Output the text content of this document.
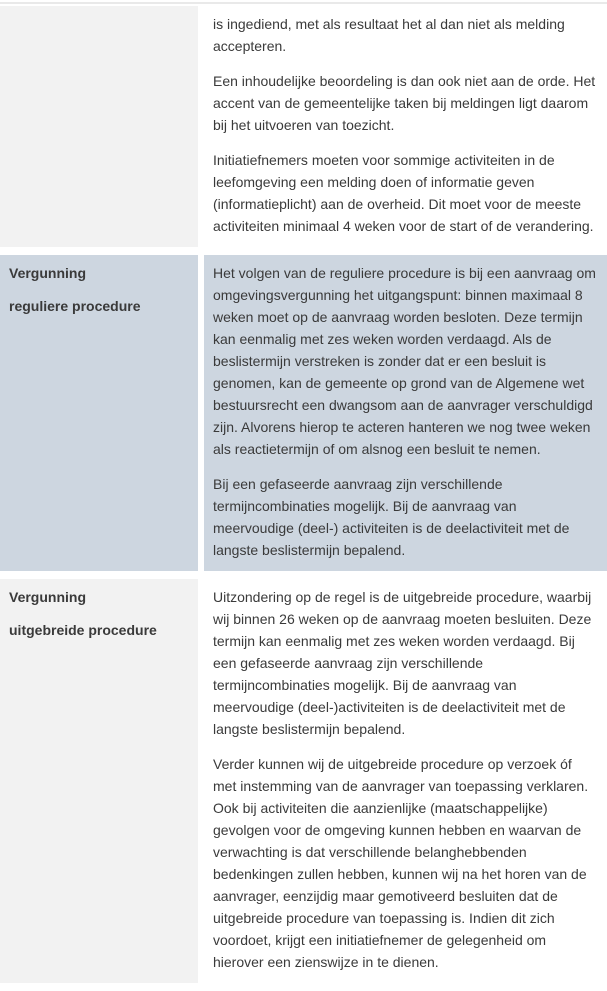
is ingediend, met als resultaat het al dan niet als melding accepteren.

Een inhoudelijke beoordeling is dan ook niet aan de orde. Het accent van de gemeentelijke taken bij meldingen ligt daarom bij het uitvoeren van toezicht.

Initiatiefnemers moeten voor sommige activiteiten in de leefomgeving een melding doen of informatie geven (informatieplicht) aan de overheid. Dit moet voor de meeste activiteiten minimaal 4 weken voor de start of de verandering.

Vergunning
reguliere procedure

Het volgen van de reguliere procedure is bij een aanvraag om omgevingsvergunning het uitgangspunt: binnen maximaal 8 weken moet op de aanvraag worden besloten. Deze termijn kan eenmalig met zes weken worden verdaagd. Als de beslistermijn verstreken is zonder dat er een besluit is genomen, kan de gemeente op grond van de Algemene wet bestuursrecht een dwangsom aan de aanvrager verschuldigd zijn. Alvorens hierop te acteren hanteren we nog twee weken als reactietermijn of om alsnog een besluit te nemen.

Bij een gefaseerde aanvraag zijn verschillende termijncombinaties mogelijk. Bij de aanvraag van meervoudige (deel-) activiteiten is de deelactiviteit met de langste beslistermijn bepalend.

Vergunning
uitgebreide procedure

Uitzondering op de regel is de uitgebreide procedure, waarbij wij binnen 26 weken op de aanvraag moeten besluiten. Deze termijn kan eenmalig met zes weken worden verdaagd. Bij een gefaseerde aanvraag zijn verschillende termijncombinaties mogelijk. Bij de aanvraag van meervoudige (deel-)activiteiten is de deelactiviteit met de langste beslistermijn bepalend.

Verder kunnen wij de uitgebreide procedure op verzoek óf met instemming van de aanvrager van toepassing verklaren. Ook bij activiteiten die aanzienlijke (maatschappelijke) gevolgen voor de omgeving kunnen hebben en waarvan de verwachting is dat verschillende belanghebbenden bedenkingen zullen hebben, kunnen wij na het horen van de aanvrager, eenzijdig maar gemotiveerd besluiten dat de uitgebreide procedure van toepassing is. Indien dit zich voordoet, krijgt een initiatiefnemer de gelegenheid om hierover een zienswijze in te dienen.
